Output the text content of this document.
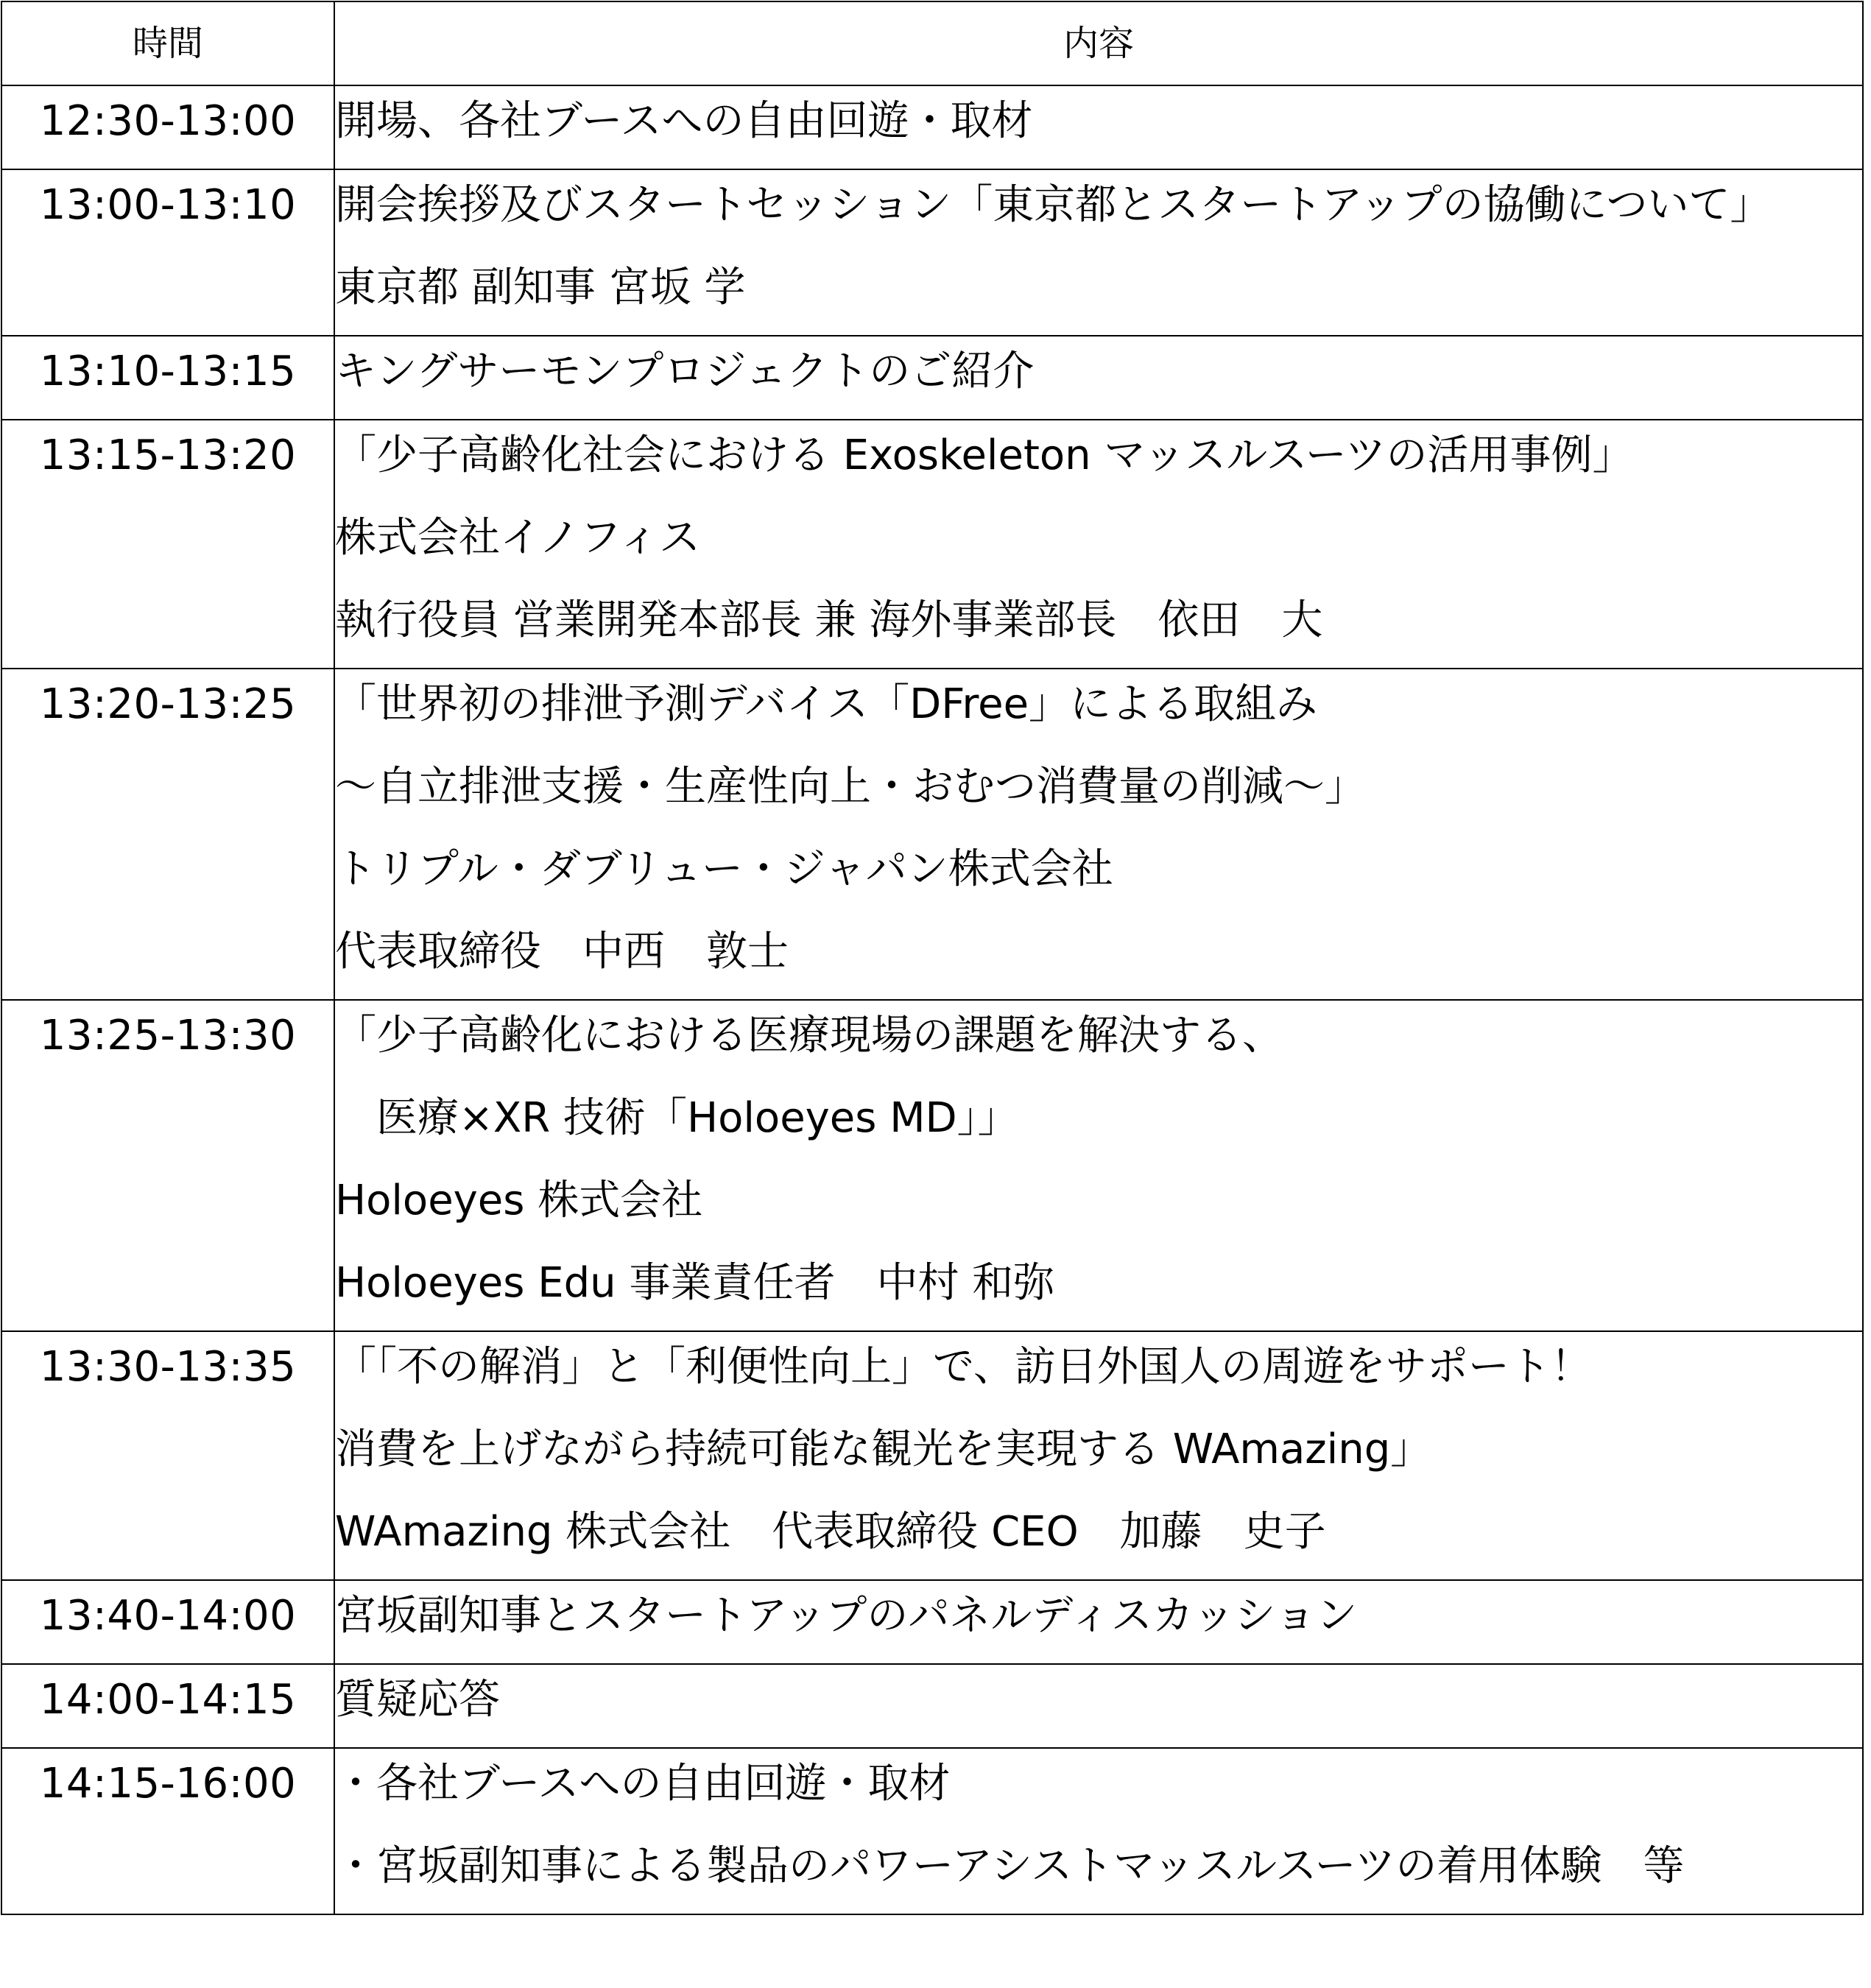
時間	内容
12:30-13:00	開場、各社ブースへの自由回遊・取材

13:00-13:10	開会挨拶及びスタートセッション「東京都とスタートアップの協働について」
東京都 副知事 宮坂 学

13:10-13:15	キングサーモンプロジェクトのご紹介

13:15-13:20	「少子高齢化社会における Exoskeleton マッスルスーツの活用事例」
株式会社イノフィス
執行役員 営業開発本部長 兼 海外事業部長　依田　大

13:20-13:25	「世界初の排泄予測デバイス「DFree」による取組み
～自立排泄支援・生産性向上・おむつ消費量の削減～」
トリプル・ダブリュー・ジャパン株式会社
代表取締役　中西　敦士

13:25-13:30	「少子高齢化における医療現場の課題を解決する、
　医療×XR 技術「Holoeyes MD」」
Holoeyes 株式会社
Holoeyes Edu 事業責任者　中村 和弥

13:30-13:35	「「不の解消」と「利便性向上」で、訪日外国人の周遊をサポート！
消費を上げながら持続可能な観光を実現する WAmazing」
WAmazing 株式会社　代表取締役 CEO　加藤　史子

13:40-14:00	宮坂副知事とスタートアップのパネルディスカッション

14:00-14:15	質疑応答

14:15-16:00	・各社ブースへの自由回遊・取材
・宮坂副知事による製品のパワーアシストマッスルスーツの着用体験　等
